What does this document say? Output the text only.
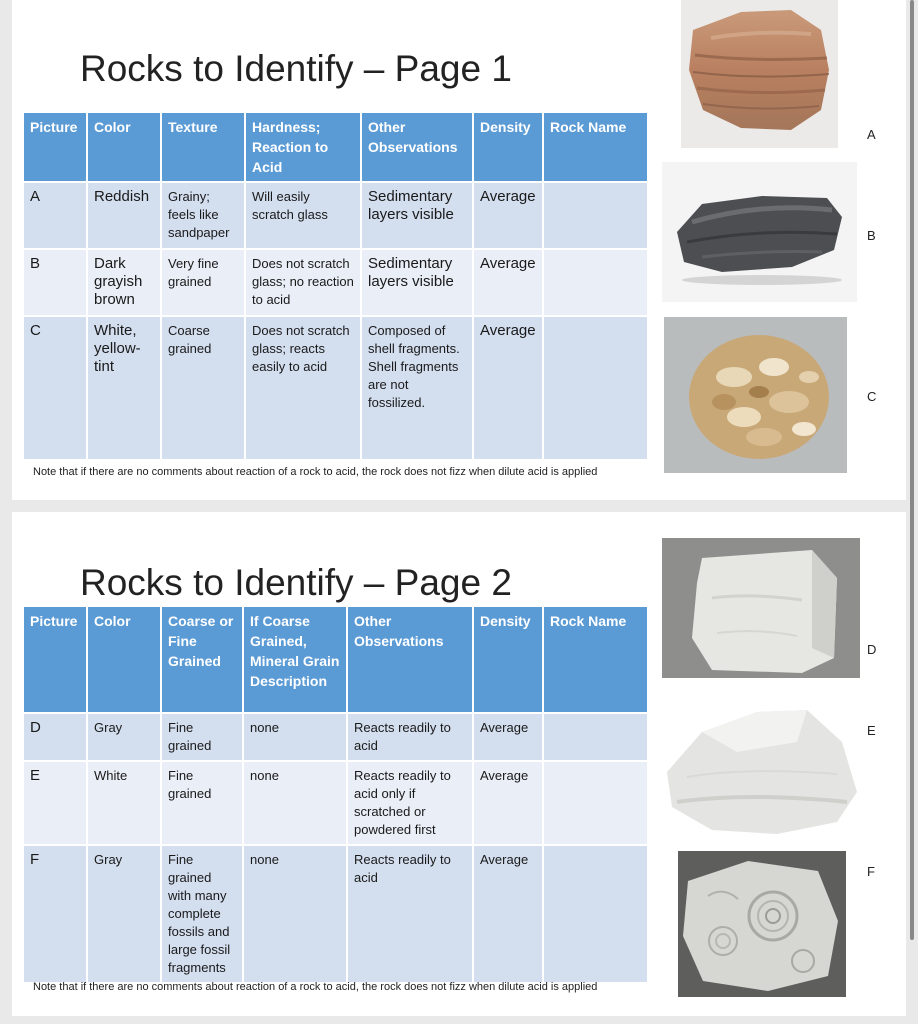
Rocks to Identify – Page 1
Picture	Color	Texture	Hardness; Reaction to Acid	Other Observations	Density	Rock Name
A	Reddish	Grainy; feels like sandpaper	Will easily scratch glass	Sedimentary layers visible	Average	
B	Dark grayish brown	Very fine grained	Does not scratch glass; no reaction to acid	Sedimentary layers visible	Average	
C	White, yellow-tint	Coarse grained	Does not scratch glass; reacts easily to acid	Composed of shell fragments. Shell fragments are not fossilized.	Average	
Note that if there are no comments about reaction of a rock to acid, the rock does not fizz when dilute acid is applied
A
B
C
Rocks to Identify – Page 2
Picture	Color	Coarse or Fine Grained	If Coarse Grained, Mineral Grain Description	Other Observations	Density	Rock Name
D	Gray	Fine grained	none	Reacts readily to acid	Average	
E	White	Fine grained	none	Reacts readily to acid only if scratched or powdered first	Average	
F	Gray	Fine grained with many complete fossils and large fossil fragments	none	Reacts readily to acid	Average	
Note that if there are no comments about reaction of a rock to acid, the rock does not fizz when dilute acid is applied
D
E
F
